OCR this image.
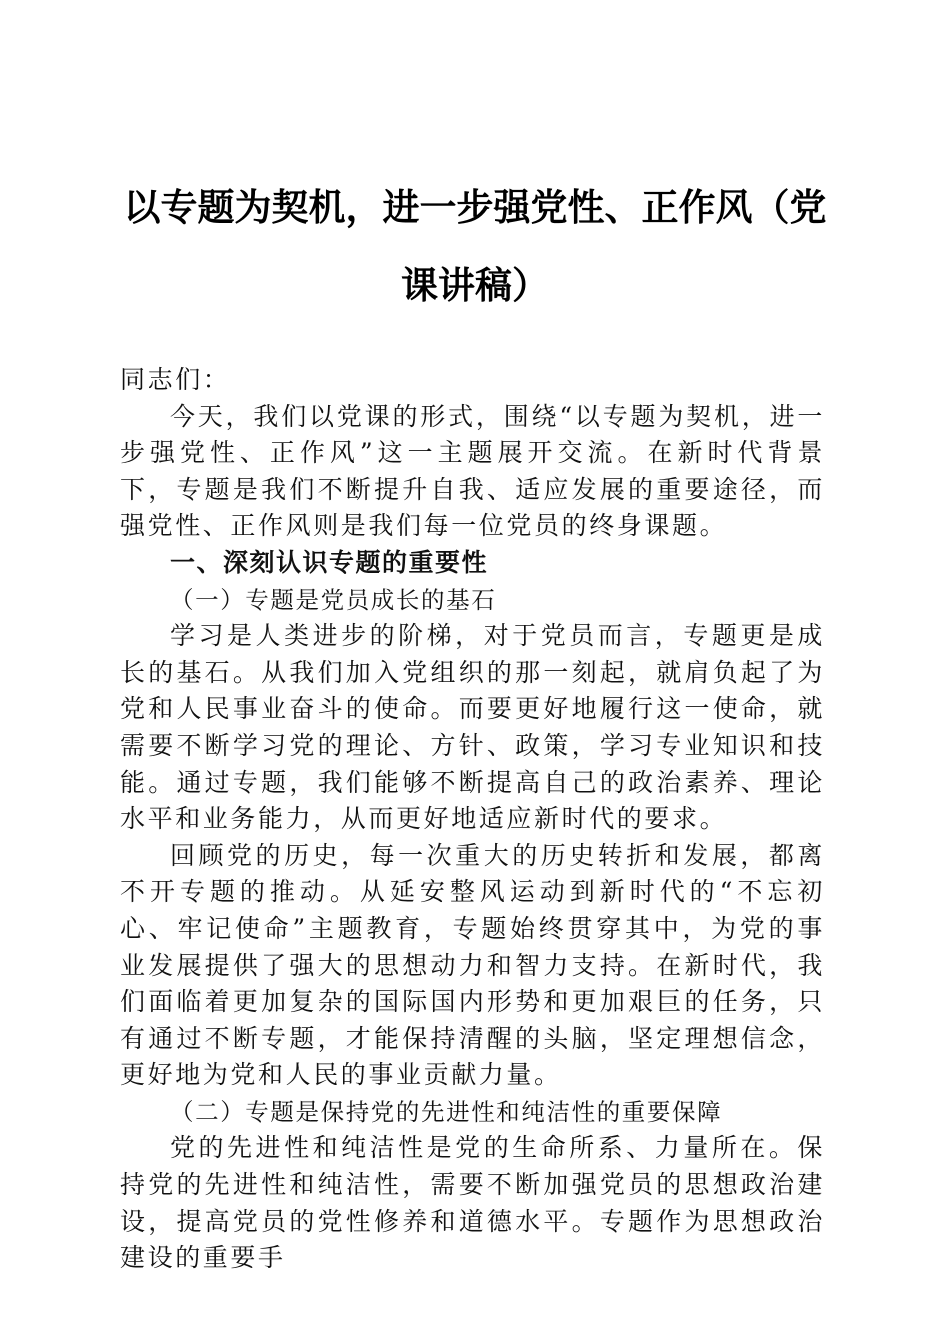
以专题为契机，进一步强党性、正作风（党课讲稿）

同志们：

今天，我们以党课的形式，围绕“以专题为契机，进一步强党性、正作风”这一主题展开交流。在新时代背景下，专题是我们不断提升自我、适应发展的重要途径，而强党性、正作风则是我们每一位党员的终身课题。

一、深刻认识专题的重要性

（一）专题是党员成长的基石

学习是人类进步的阶梯，对于党员而言，专题更是成长的基石。从我们加入党组织的那一刻起，就肩负起了为党和人民事业奋斗的使命。而要更好地履行这一使命，就需要不断学习党的理论、方针、政策，学习专业知识和技能。通过专题，我们能够不断提高自己的政治素养、理论水平和业务能力，从而更好地适应新时代的要求。

回顾党的历史，每一次重大的历史转折和发展，都离不开专题的推动。从延安整风运动到新时代的“不忘初心、牢记使命”主题教育，专题始终贯穿其中，为党的事业发展提供了强大的思想动力和智力支持。在新时代，我们面临着更加复杂的国际国内形势和更加艰巨的任务，只有通过不断专题，才能保持清醒的头脑，坚定理想信念，更好地为党和人民的事业贡献力量。

（二）专题是保持党的先进性和纯洁性的重要保障

党的先进性和纯洁性是党的生命所系、力量所在。保持党的先进性和纯洁性，需要不断加强党员的思想政治建设，提高党员的党性修养和道德水平。专题作为思想政治建设的重要手
